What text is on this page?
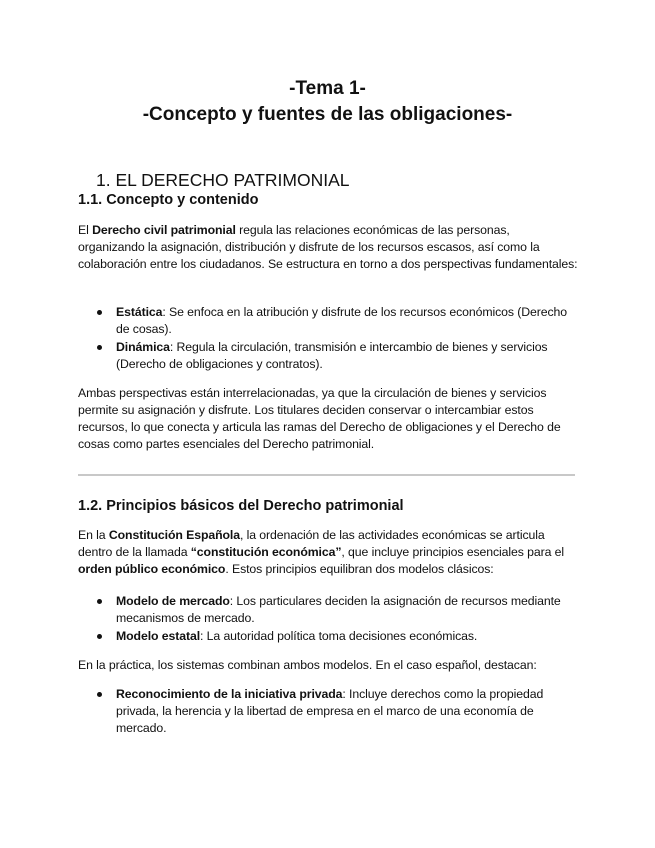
-Tema 1-
-Concepto y fuentes de las obligaciones-
1. EL DERECHO PATRIMONIAL
1.1. Concepto y contenido

El Derecho civil patrimonial regula las relaciones económicas de las personas, organizando la asignación, distribución y disfrute de los recursos escasos, así como la colaboración entre los ciudadanos. Se estructura en torno a dos perspectivas fundamentales:

Estática: Se enfoca en la atribución y disfrute de los recursos económicos (Derecho de cosas).
Dinámica: Regula la circulación, transmisión e intercambio de bienes y servicios (Derecho de obligaciones y contratos).

Ambas perspectivas están interrelacionadas, ya que la circulación de bienes y servicios permite su asignación y disfrute. Los titulares deciden conservar o intercambiar estos recursos, lo que conecta y articula las ramas del Derecho de obligaciones y el Derecho de cosas como partes esenciales del Derecho patrimonial.

1.2. Principios básicos del Derecho patrimonial

En la Constitución Española, la ordenación de las actividades económicas se articula dentro de la llamada “constitución económica”, que incluye principios esenciales para el orden público económico. Estos principios equilibran dos modelos clásicos:

Modelo de mercado: Los particulares deciden la asignación de recursos mediante mecanismos de mercado.
Modelo estatal: La autoridad política toma decisiones económicas.

En la práctica, los sistemas combinan ambos modelos. En el caso español, destacan:

Reconocimiento de la iniciativa privada: Incluye derechos como la propiedad privada, la herencia y la libertad de empresa en el marco de una economía de mercado.
